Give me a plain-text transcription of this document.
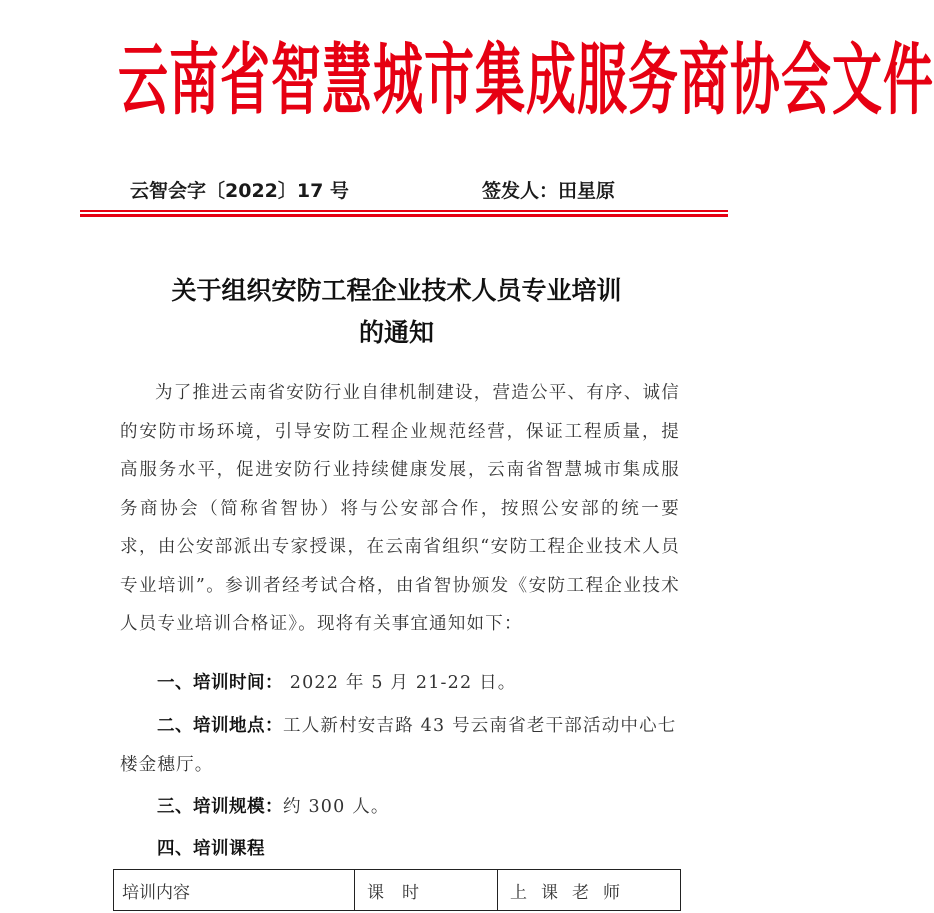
云南省智慧城市集成服务商协会文件
云智会字〔2022〕17 号	签发人：田星原
关于组织安防工程企业技术人员专业培训
的通知

为了推进云南省安防行业自律机制建设，营造公平、有序、诚信的安防市场环境，引导安防工程企业规范经营，保证工程质量，提高服务水平，促进安防行业持续健康发展，云南省智慧城市集成服务商协会（简称省智协）将与公安部合作，按照公安部的统一要求，由公安部派出专家授课，在云南省组织“安防工程企业技术人员专业培训”。参训者经考试合格，由省智协颁发《安防工程企业技术人员专业培训合格证》。现将有关事宜通知如下：

一、培训时间： 2022 年 5 月 21-22 日。

二、培训地点：工人新村安吉路 43 号云南省老干部活动中心七楼金穗厅。

三、培训规模：约 300 人。

四、培训课程

培训内容	课时	上课老师
